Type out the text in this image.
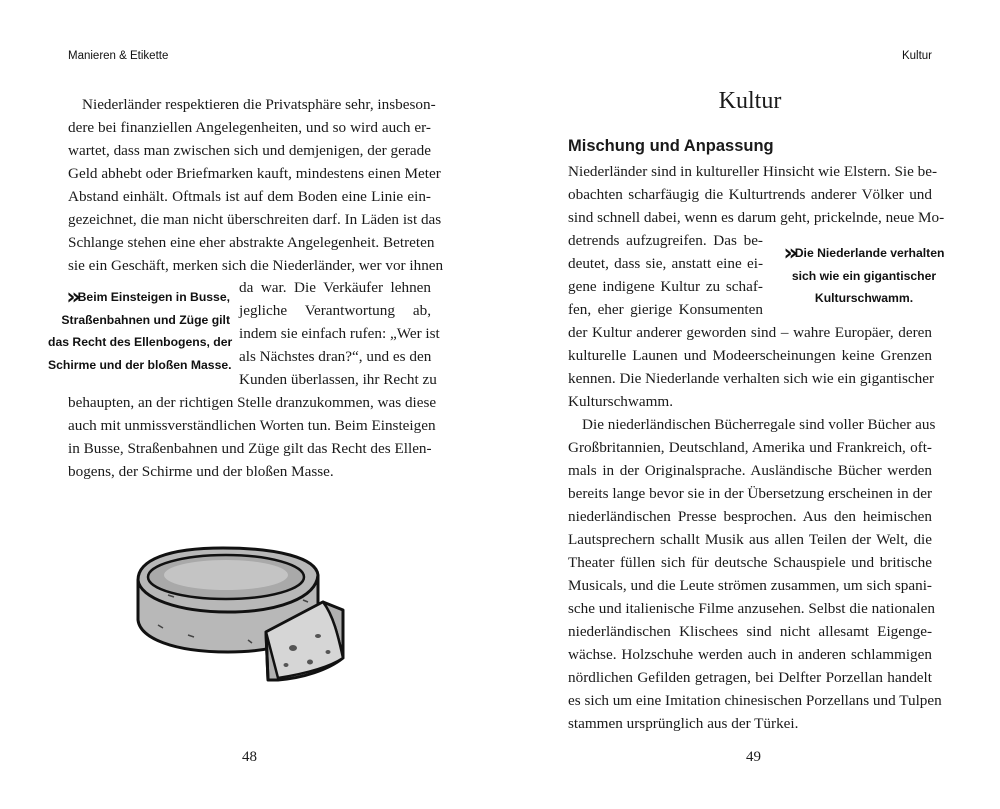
Manieren & Etikette
Niederländer respektieren die Privatsphäre sehr, insbeson-
dere bei finanziellen Angelegenheiten, und so wird auch er-
wartet, dass man zwischen sich und demjenigen, der gerade
Geld abhebt oder Briefmarken kauft, mindestens einen Meter
Abstand einhält. Oftmals ist auf dem Boden eine Linie ein-
gezeichnet, die man nicht überschreiten darf. In Läden ist das
Schlange stehen eine eher abstrakte Angelegenheit. Betreten
sie ein Geschäft, merken sich die Niederländer, wer vor ihnen
da war. Die Verkäufer lehnen
jegliche Verantwortung ab,
indem sie einfach rufen: „Wer ist
als Nächstes dran?“, und es den
Kunden überlassen, ihr Recht zu
behaupten, an der richtigen Stelle dranzukommen, was diese
auch mit unmissverständlichen Worten tun. Beim Einsteigen
in Busse, Straßenbahnen und Züge gilt das Recht des Ellen-
bogens, der Schirme und der bloßen Masse.
»Beim Einsteigen in Busse,
Straßenbahnen und Züge gilt
das Recht des Ellenbogens, der
Schirme und der bloßen Masse.
48
Kultur
Kultur
Mischung und Anpassung
Niederländer sind in kultureller Hinsicht wie Elstern. Sie be-
obachten scharfäugig die Kulturtrends anderer Völker und
sind schnell dabei, wenn es darum geht, prickelnde, neue Mo-
detrends aufzugreifen. Das be-
deutet, dass sie, anstatt eine ei-
gene indigene Kultur zu schaf-
fen, eher gierige Konsumenten
der Kultur anderer geworden sind – wahre Europäer, deren
kulturelle Launen und Modeerscheinungen keine Grenzen
kennen. Die Niederlande verhalten sich wie ein gigantischer
Kulturschwamm.
Die niederländischen Bücherregale sind voller Bücher aus
Großbritannien, Deutschland, Amerika und Frankreich, oft-
mals in der Originalsprache. Ausländische Bücher werden
bereits lange bevor sie in der Übersetzung erscheinen in der
niederländischen Presse besprochen. Aus den heimischen
Lautsprechern schallt Musik aus allen Teilen der Welt, die
Theater füllen sich für deutsche Schauspiele und britische
Musicals, und die Leute strömen zusammen, um sich spani-
sche und italienische Filme anzusehen. Selbst die nationalen
niederländischen Klischees sind nicht allesamt Eigenge-
wächse. Holzschuhe werden auch in anderen schlammigen
nördlichen Gefilden getragen, bei Delfter Porzellan handelt
es sich um eine Imitation chinesischen Porzellans und Tulpen
stammen ursprünglich aus der Türkei.
»Die Niederlande verhalten
sich wie ein gigantischer
Kulturschwamm.
49
